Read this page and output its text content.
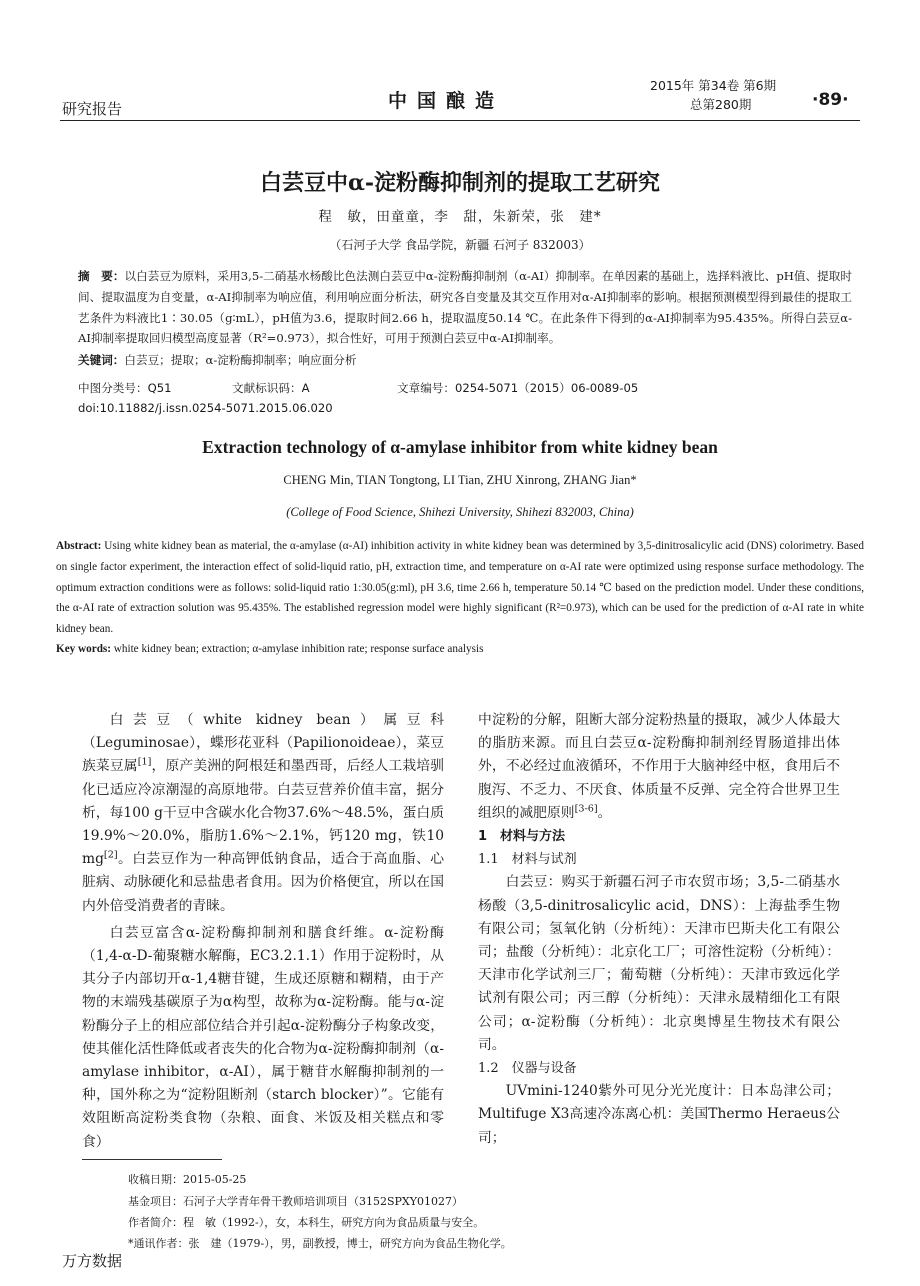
研究报告	中国酿造
2015年 第34卷 第6期
总第280期	·89·
白芸豆中α-淀粉酶抑制剂的提取工艺研究
程　敏，田童童，李　甜，朱新荣，张　建*
（石河子大学 食品学院，新疆 石河子 832003）
摘　要：以白芸豆为原料，采用3,5-二硝基水杨酸比色法测白芸豆中α-淀粉酶抑制剂（α-AI）抑制率。在单因素的基础上，选择料液比、pH值、提取时间、提取温度为自变量，α-AI抑制率为响应值，利用响应面分析法，研究各自变量及其交互作用对α-AI抑制率的影响。根据预测模型得到最佳的提取工艺条件为料液比1∶30.05（g∶mL），pH值为3.6，提取时间2.66 h，提取温度50.14 ℃。在此条件下得到的α-AI抑制率为95.435%。所得白芸豆α-AI抑制率提取回归模型高度显著（R²=0.973），拟合性好，可用于预测白芸豆中α-AI抑制率。
关键词：白芸豆；提取；α-淀粉酶抑制率；响应面分析
中图分类号：Q51	文献标识码：A	文章编号：0254-5071（2015）06-0089-05
doi:10.11882/j.issn.0254-5071.2015.06.020
Extraction technology of α-amylase inhibitor from white kidney bean
CHENG Min, TIAN Tongtong, LI Tian, ZHU Xinrong, ZHANG Jian*
(College of Food Science, Shihezi University, Shihezi 832003, China)
Abstract: Using white kidney bean as material, the α-amylase (α-AI) inhibition activity in white kidney bean was determined by 3,5-dinitrosalicylic acid (DNS) colorimetry. Based on single factor experiment, the interaction effect of solid-liquid ratio, pH, extraction time, and temperature on α-AI rate were optimized using response surface methodology. The optimum extraction conditions were as follows: solid-liquid ratio 1:30.05(g:ml), pH 3.6, time 2.66 h, temperature 50.14 ℃ based on the prediction model. Under these conditions, the α-AI rate of extraction solution was 95.435%. The established regression model were highly significant (R²=0.973), which can be used for the prediction of α-AI rate in white kidney bean.
Key words: white kidney bean; extraction; α-amylase inhibition rate; response surface analysis

白芸豆（white kidney bean）属豆科（Leguminosae），蝶形花亚科（Papilionoideae），菜豆族菜豆属[1]，原产美洲的阿根廷和墨西哥，后经人工栽培驯化已适应冷凉潮湿的高原地带。白芸豆营养价值丰富，据分析，每100 g干豆中含碳水化合物37.6%～48.5%，蛋白质19.9%～20.0%，脂肪1.6%～2.1%，钙120 mg，铁10 mg[2]。白芸豆作为一种高钾低钠食品，适合于高血脂、心脏病、动脉硬化和忌盐患者食用。因为价格便宜，所以在国内外倍受消费者的青睐。

白芸豆富含α-淀粉酶抑制剂和膳食纤维。α-淀粉酶（1,4-α-D-葡聚糖水解酶，EC3.2.1.1）作用于淀粉时，从其分子内部切开α-1,4糖苷键，生成还原糖和糊精，由于产物的末端残基碳原子为α构型，故称为α-淀粉酶。能与α-淀粉酶分子上的相应部位结合并引起α-淀粉酶分子构象改变，使其催化活性降低或者丧失的化合物为α-淀粉酶抑制剂（α-amylase inhibitor，α-AI），属于糖苷水解酶抑制剂的一种，国外称之为“淀粉阻断剂（starch blocker）”。它能有效阻断高淀粉类食物（杂粮、面食、米饭及相关糕点和零食）

中淀粉的分解，阻断大部分淀粉热量的摄取，减少人体最大的脂肪来源。而且白芸豆α-淀粉酶抑制剂经胃肠道排出体外，不必经过血液循环，不作用于大脑神经中枢，食用后不腹泻、不乏力、不厌食、体质量不反弹、完全符合世界卫生组织的减肥原则[3-6]。

1　材料与方法

1.1　材料与试剂

白芸豆：购买于新疆石河子市农贸市场；3,5-二硝基水杨酸（3,5-dinitrosalicylic acid，DNS）：上海盐季生物有限公司；氢氧化钠（分析纯）：天津市巴斯夫化工有限公司；盐酸（分析纯）：北京化工厂；可溶性淀粉（分析纯）：天津市化学试剂三厂；葡萄糖（分析纯）：天津市致远化学试剂有限公司；丙三醇（分析纯）：天津永晟精细化工有限公司；α-淀粉酶（分析纯）：北京奥博星生物技术有限公司。

1.2　仪器与设备

UVmini-1240紫外可见分光光度计：日本岛津公司；Multifuge X3高速冷冻离心机：美国Thermo Heraeus公司；

收稿日期：2015-05-25
基金项目：石河子大学青年骨干教师培训项目（3152SPXY01027）
作者简介：程　敏（1992-），女，本科生，研究方向为食品质量与安全。
*通讯作者：张　建（1979-），男，副教授，博士，研究方向为食品生物化学。
万方数据
